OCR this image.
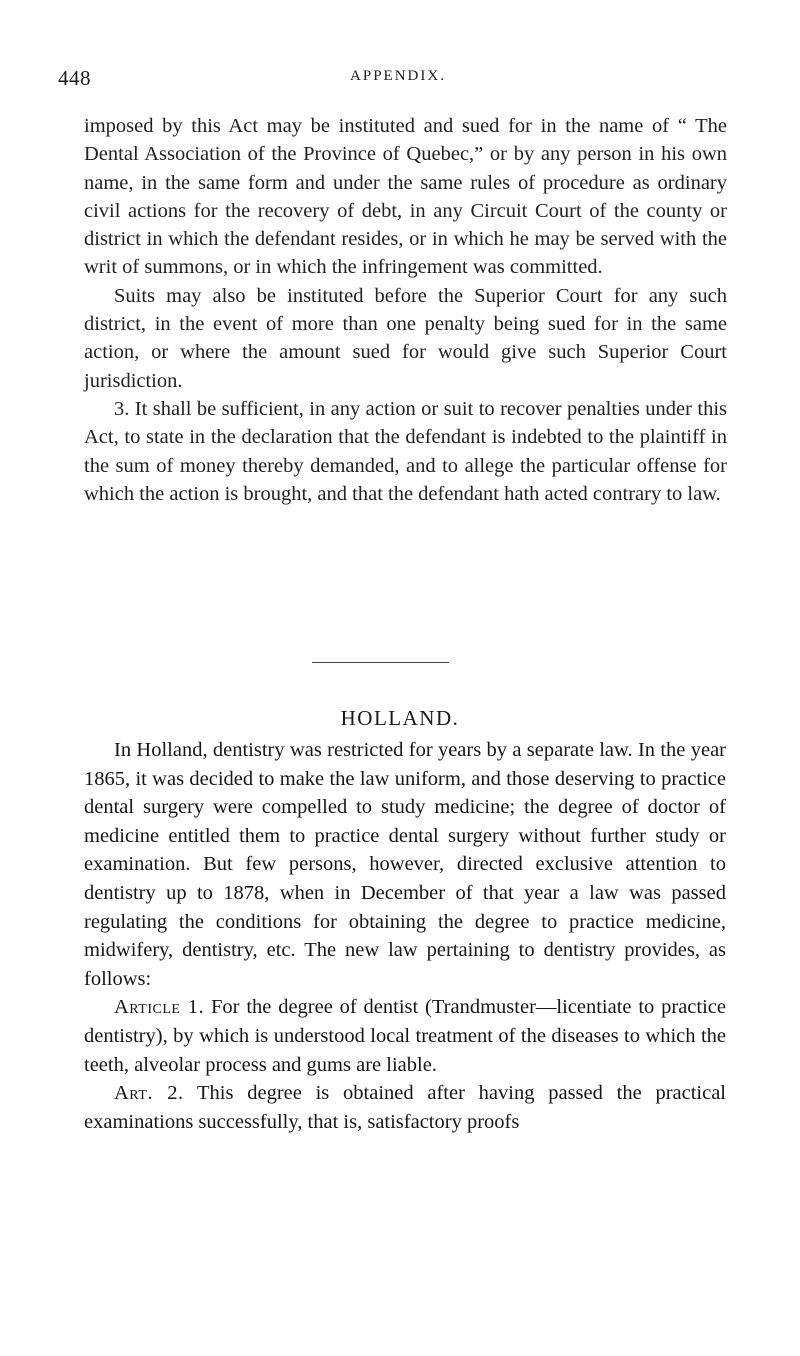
448	APPENDIX.

imposed by this Act may be instituted and sued for in the name of “ The Dental Association of the Province of Quebec,” or by any person in his own name, in the same form and under the same rules of procedure as ordinary civil actions for the recovery of debt, in any Circuit Court of the county or district in which the defendant resides, or in which he may be served with the writ of summons, or in which the infringement was committed.

Suits may also be instituted before the Superior Court for any such district, in the event of more than one penalty being sued for in the same action, or where the amount sued for would give such Superior Court jurisdiction.

3. It shall be sufficient, in any action or suit to recover penalties under this Act, to state in the declaration that the defendant is indebted to the plaintiff in the sum of money thereby demanded, and to allege the particular offense for which the action is brought, and that the defendant hath acted contrary to law.

HOLLAND.

In Holland, dentistry was restricted for years by a separate law. In the year 1865, it was decided to make the law uniform, and those deserving to practice dental surgery were compelled to study medicine; the degree of doctor of medicine entitled them to practice dental surgery without further study or examination. But few persons, however, directed exclusive attention to dentistry up to 1878, when in December of that year a law was passed regulating the conditions for obtaining the degree to practice medicine, midwifery, dentistry, etc. The new law pertaining to dentistry provides, as follows:

Article 1. For the degree of dentist (Trandmuster—licentiate to practice dentistry), by which is understood local treatment of the diseases to which the teeth, alveolar process and gums are liable.

Art. 2. This degree is obtained after having passed the practical examinations successfully, that is, satisfactory proofs
